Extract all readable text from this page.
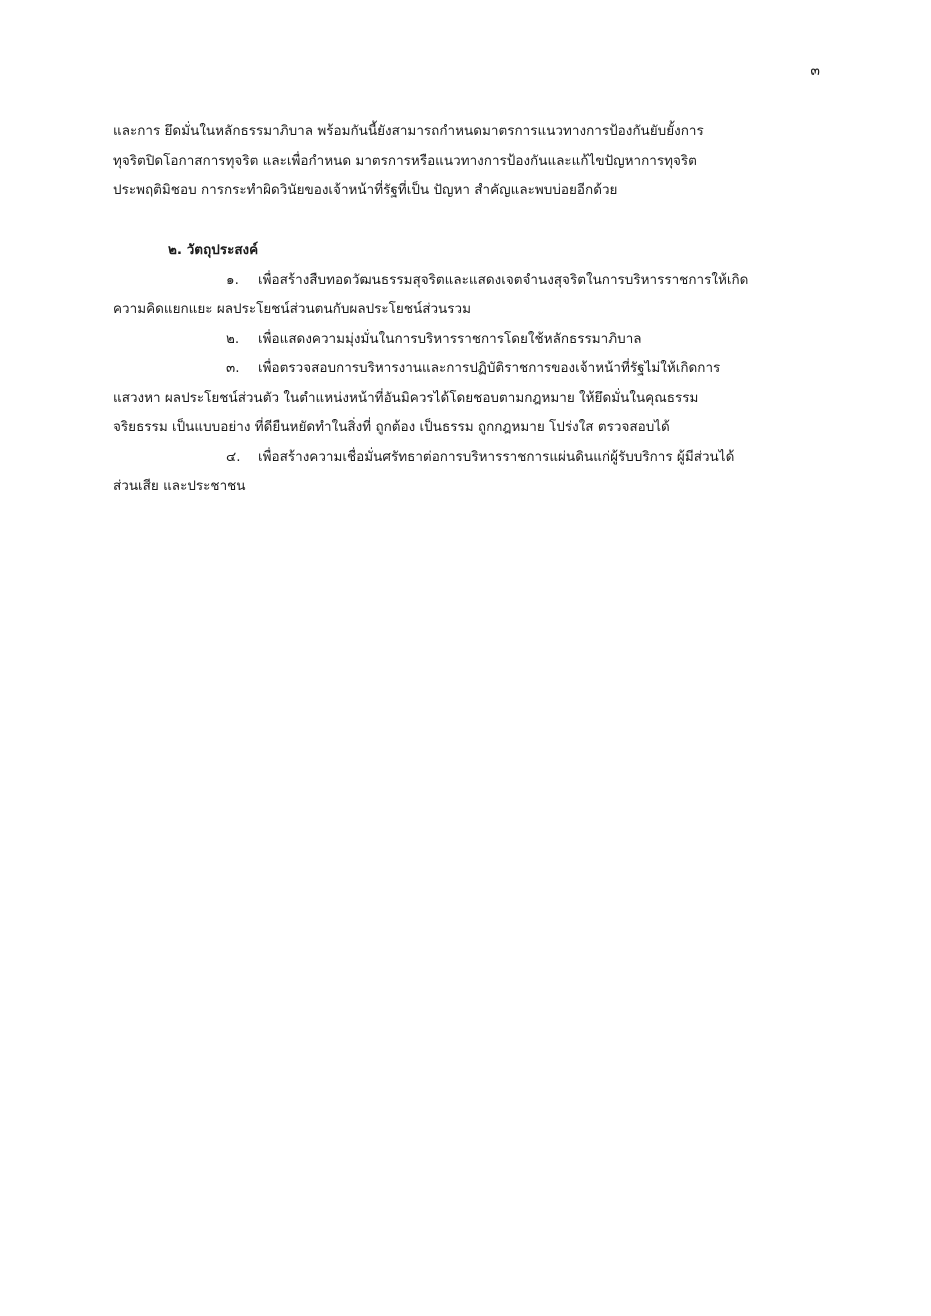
๓
และการ ยึดมั่นในหลักธรรมาภิบาล พร้อมกันนี้ยังสามารถกำหนดมาตรการแนวทางการป้องกันยับยั้งการ
ทุจริตปิดโอกาสการทุจริต และเพื่อกำหนด มาตรการหรือแนวทางการป้องกันและแก้ไขปัญหาการทุจริต
ประพฤติมิชอบ การกระทำผิดวินัยของเจ้าหน้าที่รัฐที่เป็น ปัญหา สำคัญและพบบ่อยอีกด้วย
๒. วัตถุประสงค์
๑. เพื่อสร้างสืบทอดวัฒนธรรมสุจริตและแสดงเจตจำนงสุจริตในการบริหารราชการให้เกิด
ความคิดแยกแยะ ผลประโยชน์ส่วนตนกับผลประโยชน์ส่วนรวม
๒. เพื่อแสดงความมุ่งมั่นในการบริหารราชการโดยใช้หลักธรรมาภิบาล
๓. เพื่อตรวจสอบการบริหารงานและการปฏิบัติราชการของเจ้าหน้าที่รัฐไม่ให้เกิดการ
แสวงหา ผลประโยชน์ส่วนตัว ในตำแหน่งหน้าที่อันมิควรได้โดยชอบตามกฎหมาย ให้ยึดมั่นในคุณธรรม
จริยธรรม เป็นแบบอย่าง ที่ดียืนหยัดทำในสิ่งที่ ถูกต้อง เป็นธรรม ถูกกฎหมาย โปร่งใส ตรวจสอบได้
๔. เพื่อสร้างความเชื่อมั่นศรัทธาต่อการบริหารราชการแผ่นดินแก่ผู้รับบริการ ผู้มีส่วนได้
ส่วนเสีย และประชาชน
